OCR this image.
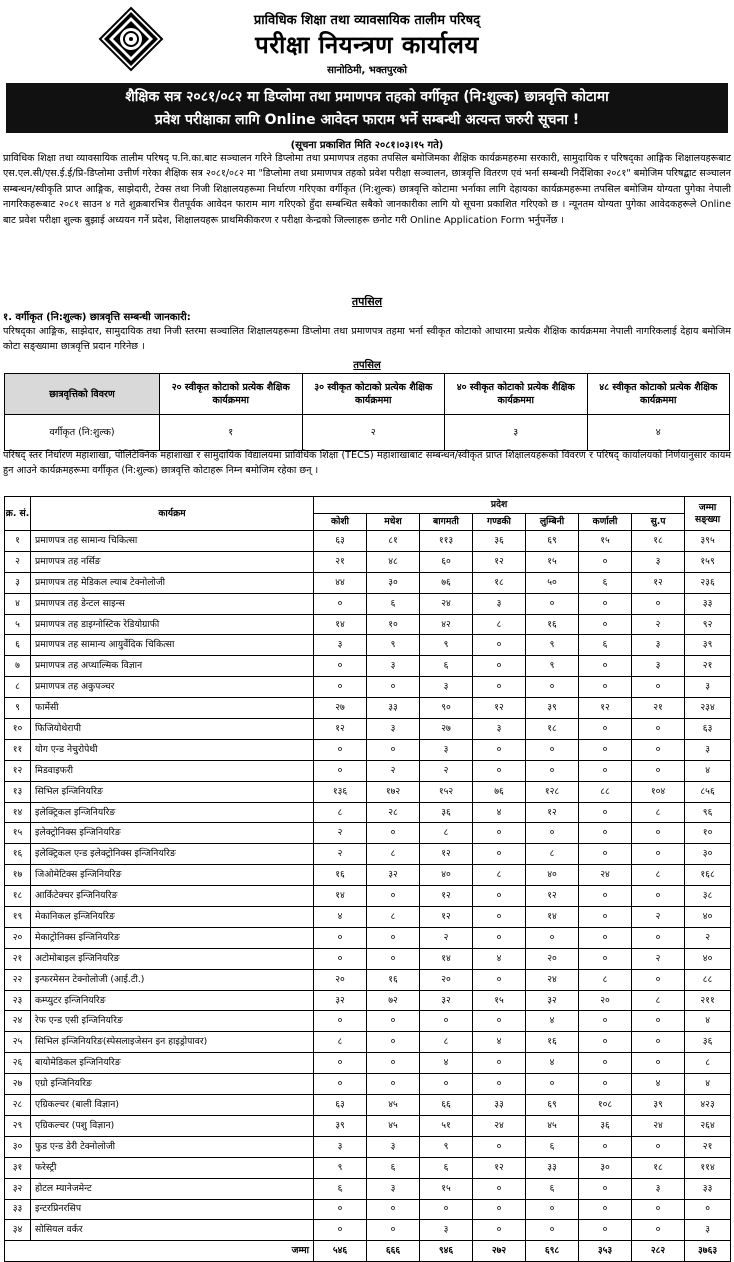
प्राविधिक शिक्षा तथा व्यावसायिक तालीम परिषद्
परीक्षा नियन्त्रण कार्यालय
सानोठिमी, भक्तपुरको
शैक्षिक सत्र २०८१/०८२ मा डिप्लोमा तथा प्रमाणपत्र तहको वर्गीकृत (नि:शुल्क) छात्रवृत्ति कोटामा
प्रवेश परीक्षाका लागि Online आवेदन फाराम भर्ने सम्बन्धी अत्यन्त जरुरी सूचना !
(सूचना प्रकाशित मिति २०८१।०३।१५ गते)
प्राविधिक शिक्षा तथा व्यावसायिक तालीम परिषद् प.नि.का.बाट सञ्चालन गरिने डिप्लोमा तथा प्रमाणपत्र तहका तपसिल बमोजिमका शैक्षिक कार्यक्रमहरुमा सरकारी, सामुदायिक र परिषद्का आङ्गिक शिक्षालयहरूबाट एस.एल.सी/एस.ई.ई/प्रि-डिप्लोमा उत्तीर्ण गरेका शैक्षिक सत्र २०८१/०८२ मा "डिप्लोमा तथा प्रमाणपत्र तहको प्रवेश परीक्षा सञ्चालन, छात्रवृत्ति वितरण एवं भर्ना सम्बन्धी निर्देशिका २०८१" बमोजिम परिषद्बाट सञ्चालन सम्बन्धन/स्वीकृति प्राप्त आङ्गिक, साझेदारी, टेक्स तथा निजी शिक्षालयहरूमा निर्धारण गरिएका वर्गीकृत (नि:शुल्क) छात्रवृत्ति कोटामा भर्नाका लागि देहायका कार्यक्रमहरूमा तपसिल बमोजिम योग्यता पुगेका नेपाली नागरिकहरूबाट २०८१ साउन ४ गते शुक्रबारभित्र रीतपूर्वक आवेदन फाराम माग गरिएको हुँदा सम्बन्धित सबैको जानकारीका लागि यो सूचना प्रकाशित गरिएको छ । न्यूनतम योग्यता पुगेका आवेदकहरूले Online बाट प्रवेश परीक्षा शुल्क बुझाई अध्ययन गर्ने प्रदेश, शिक्षालयहरू प्राथमिकीकरण र परीक्षा केन्द्रको जिल्लाहरू छनोट गरी Online Application Form भर्नुपर्नेछ ।
तपसिल
१. वर्गीकृत (नि:शुल्क) छात्रवृत्ति सम्बन्धी जानकारी:
परिषद्का आङ्गिक, साझेदार, सामुदायिक तथा निजी स्तरमा सञ्चालित शिक्षालयहरूमा डिप्लोमा तथा प्रमाणपत्र तहमा भर्ना स्वीकृत कोटाको आधारमा प्रत्येक शैक्षिक कार्यक्रममा नेपाली नागरिकलाई देहाय बमोजिम कोटा सङ्ख्यामा छात्रवृत्ति प्रदान गरिनेछ ।
तपसिल
छात्रवृत्तिको विवरण	२० स्वीकृत कोटाको प्रत्येक शैक्षिक कार्यक्रममा	३० स्वीकृत कोटाको प्रत्येक शैक्षिक कार्यक्रममा	४० स्वीकृत कोटाको प्रत्येक शैक्षिक कार्यक्रममा	४८ स्वीकृत कोटाको प्रत्येक शैक्षिक कार्यक्रममा
वर्गीकृत (नि:शुल्क)	१	२	३	४
परिषद् स्तर निर्धारण महाशाखा, पोलिटेक्निक महाशाखा र सामुदायिक विद्यालयमा प्राविधिक शिक्षा (TECS) महाशाखाबाट सम्बन्धन/स्वीकृत प्राप्त शिक्षालयहरूको विवरण र परिषद् कार्यालयको निर्णयानुसार कायम हुन आउने कार्यक्रमहरूमा वर्गीकृत (नि:शुल्क) छात्रवृत्ति कोटाहरू निम्न बमोजिम रहेका छन् ।
क्र. सं.	कार्यक्रम	प्रदेश							जम्मा सङ्ख्या
		कोशी	मधेश	बागमती	गण्डकी	लुम्बिनी	कर्णाली	सु.प	
१	प्रमाणपत्र तह सामान्य चिकित्सा	६३	८१	११३	३६	६९	१५	१८	३९५
२	प्रमाणपत्र तह नर्सिङ	२१	४८	६०	१२	१५	०	३	१५९
३	प्रमाणपत्र तह मेडिकल ल्याब टेक्नोलोजी	४४	३०	७६	१८	५०	६	१२	२३६
४	प्रमाणपत्र तह डेन्टल साइन्स	०	६	२४	३	०	०	०	३३
५	प्रमाणपत्र तह डाइग्नोस्टिक रेडियोग्राफी	१४	१०	४२	८	१६	०	२	९२
६	प्रमाणपत्र तह सामान्य आयुर्वेदिक चिकित्सा	३	९	९	०	९	६	३	३९
७	प्रमाणपत्र तह अप्थाल्मिक विज्ञान	०	३	६	०	९	०	३	२१
८	प्रमाणपत्र तह अकुपञ्चर	०	०	३	०	०	०	०	३
९	फार्मेसी	२७	३३	९०	१२	३९	१२	२१	२३४
१०	फिजियोथेरापी	१२	३	२७	३	१८	०	०	६३
११	योग एन्ड नेचुरोपेथी	०	०	३	०	०	०	०	३
१२	मिडवाइफरी	०	२	२	०	०	०	०	४
१३	सिभिल इन्जिनियरिङ	१३६	१७२	१५२	७६	१२८	८८	१०४	८५६
१४	इलेक्ट्रिकल इन्जिनियरिङ	८	२८	३६	४	१२	०	८	९६
१५	इलेक्ट्रोनिक्स इन्जिनियरिङ	२	०	८	०	०	०	०	१०
१६	इलेक्ट्रिकल एन्ड इलेक्ट्रोनिक्स इन्जिनियरिङ	२	८	१२	०	८	०	०	३०
१७	जिओमेटिक्स इन्जिनियरिङ	१६	३२	४०	८	४०	२४	८	१६८
१८	आर्किटेक्चर इन्जिनियरिङ	१४	०	१२	०	१२	०	०	३८
१९	मेकानिकल इन्जिनियरिङ	४	८	१२	०	१४	०	२	४०
२०	मेकाट्रोनिक्स इन्जिनियरिङ	०	०	२	०	०	०	०	२
२१	अटोमोबाइल इन्जिनियरिङ	०	०	१४	४	२०	०	२	४०
२२	इन्फरमेसन टेक्नोलोजी (आई.टी.)	२०	१६	२०	०	२४	८	०	८८
२३	कम्प्युटर इन्जिनियरिङ	३२	७२	३२	१५	३२	२०	८	२११
२४	रेफ एन्ड एसी इन्जिनियरिङ	०	०	०	०	४	०	०	४
२५	सिभिल इन्जिनियरिङ(स्पेसलाइजेसन इन हाइड्रोपावर)	८	०	८	४	१६	०	०	३६
२६	बायोमेडिकल इन्जिनियरिङ	०	०	४	०	४	०	०	८
२७	एग्रो इन्जिनियरिङ	०	०	०	०	०	०	४	४
२८	एग्रिकल्चर (बाली विज्ञान)	६३	४५	६६	३३	६९	१०८	३९	४२३
२९	एग्रिकल्चर (पशु विज्ञान)	३९	४५	५१	२४	४५	३६	२४	२६४
३०	फुड एन्ड डेरी टेक्नोलोजी	३	३	९	०	६	०	०	२१
३१	फरेस्ट्री	९	६	६	१२	३३	३०	१८	११४
३२	होटल म्यानेजमेन्ट	६	३	१५	०	६	०	३	३३
३३	इन्टरप्रिनरसिप	०	०	०	०	०	०	०	०
३४	सोसियल वर्कर	०	०	३	०	०	०	०	३
जम्मा		५४६	६६६	९४६	२७२	६९८	३५३	२८२	३७६३
